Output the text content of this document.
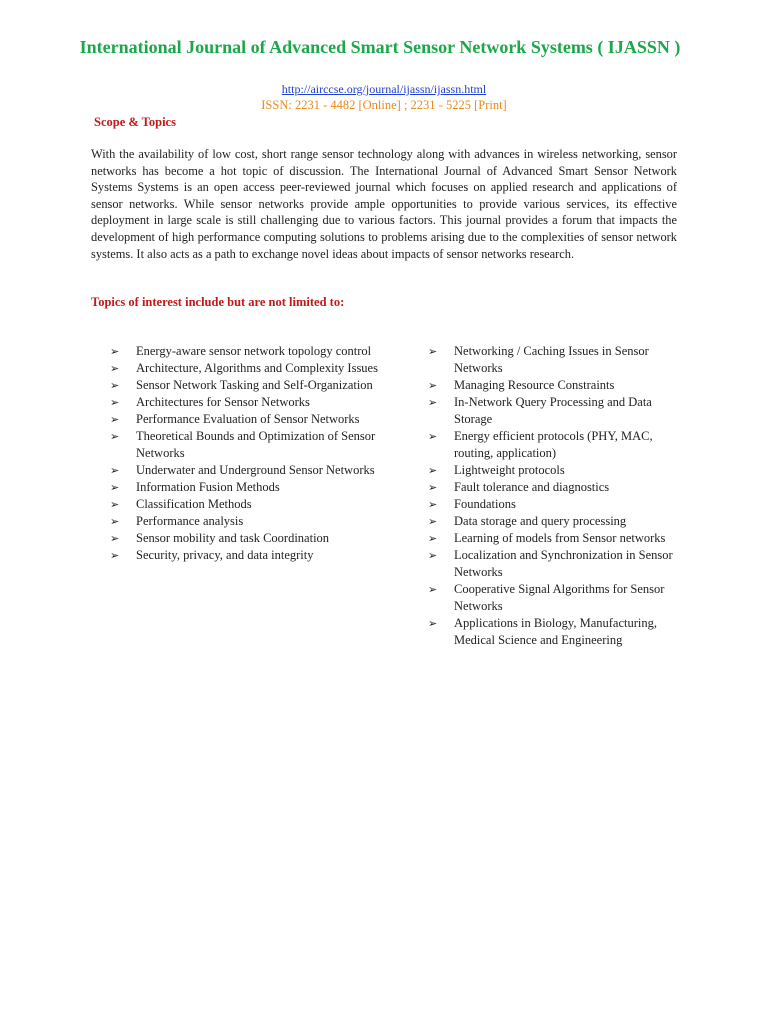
International Journal of Advanced Smart Sensor Network Systems ( IJASSN )
http://airccse.org/journal/ijassn/ijassn.html
ISSN: 2231 - 4482 [Online] ; 2231 - 5225 [Print]
Scope & Topics

With the availability of low cost, short range sensor technology along with advances in wireless networking, sensor networks has become a hot topic of discussion. The International Journal of Advanced Smart Sensor Network Systems Systems is an open access peer-reviewed journal which focuses on applied research and applications of sensor networks. While sensor networks provide ample opportunities to provide various services, its effective deployment in large scale is still challenging due to various factors. This journal provides a forum that impacts the development of high performance computing solutions to problems arising due to the complexities of sensor network systems. It also acts as a path to exchange novel ideas about impacts of sensor networks research.

Topics of interest include but are not limited to:
➢ Energy-aware sensor network topology control
➢ Architecture, Algorithms and Complexity Issues
➢ Sensor Network Tasking and Self-Organization
➢ Architectures for Sensor Networks
➢ Performance Evaluation of Sensor Networks
➢ Theoretical Bounds and Optimization of Sensor Networks
➢ Underwater and Underground Sensor Networks
➢ Information Fusion Methods
➢ Classification Methods
➢ Performance analysis
➢ Sensor mobility and task Coordination
➢ Security, privacy, and data integrity
➢ Networking / Caching Issues in Sensor Networks
➢ Managing Resource Constraints
➢ In-Network Query Processing and Data Storage
➢ Energy efficient protocols (PHY, MAC, routing, application)
➢ Lightweight protocols
➢ Fault tolerance and diagnostics
➢ Foundations
➢ Data storage and query processing
➢ Learning of models from Sensor networks
➢ Localization and Synchronization in Sensor Networks
➢ Cooperative Signal Algorithms for Sensor Networks
➢ Applications in Biology, Manufacturing, Medical Science and Engineering
